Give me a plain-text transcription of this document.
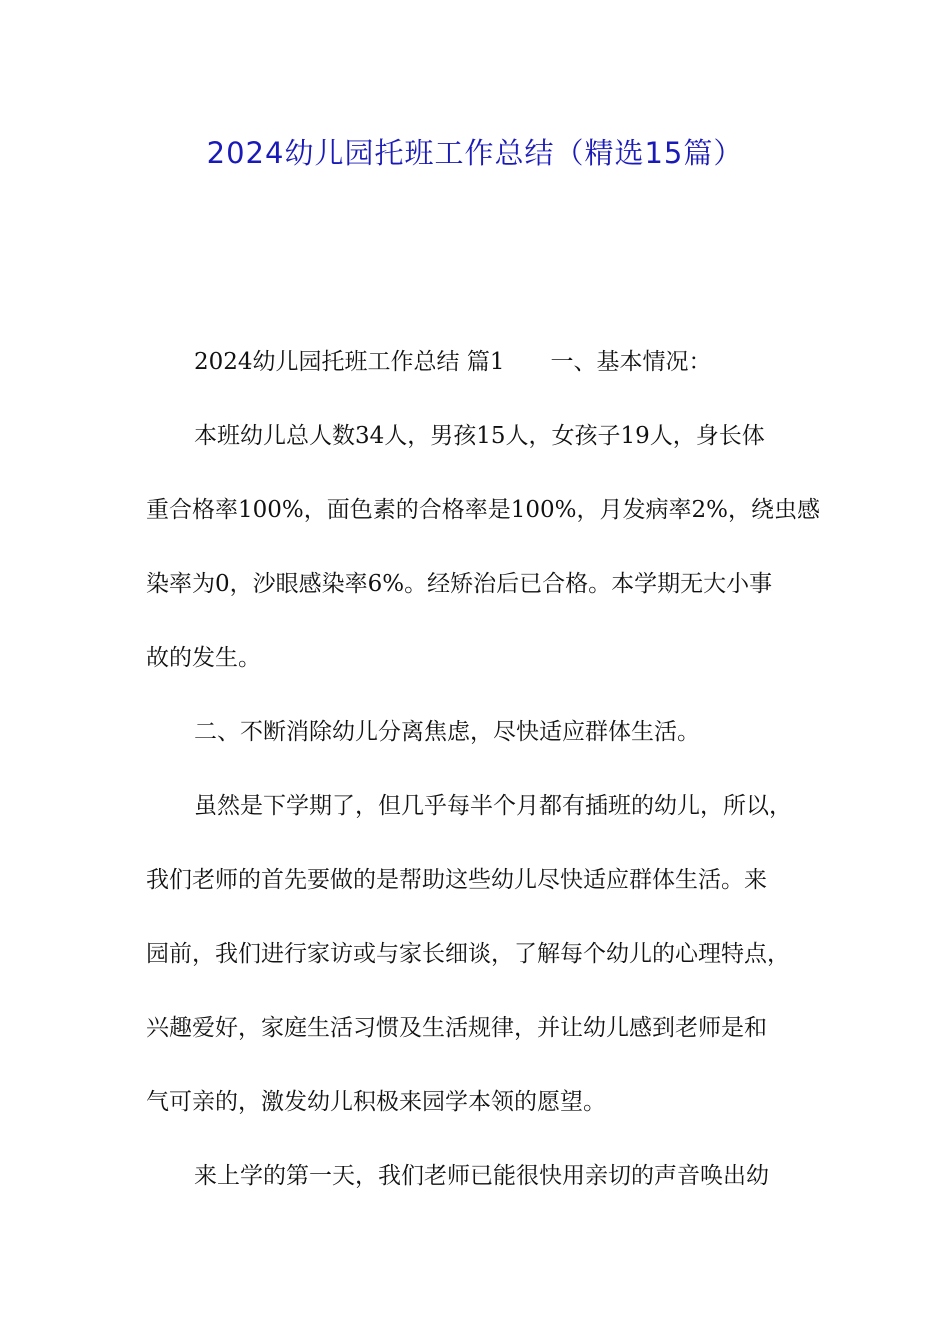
2024幼儿园托班工作总结（精选15篇）
2024幼儿园托班工作总结 篇1 一、基本情况：
本班幼儿总人数34人，男孩15人，女孩子19人，身长体
重合格率100%，面色素的合格率是100%，月发病率2%，绕虫感
染率为0，沙眼感染率6%。经矫治后已合格。本学期无大小事
故的发生。
二、不断消除幼儿分离焦虑，尽快适应群体生活。
虽然是下学期了，但几乎每半个月都有插班的幼儿，所以，
我们老师的首先要做的是帮助这些幼儿尽快适应群体生活。来
园前，我们进行家访或与家长细谈，了解每个幼儿的心理特点，
兴趣爱好，家庭生活习惯及生活规律，并让幼儿感到老师是和
气可亲的，激发幼儿积极来园学本领的愿望。
来上学的第一天，我们老师已能很快用亲切的声音唤出幼
